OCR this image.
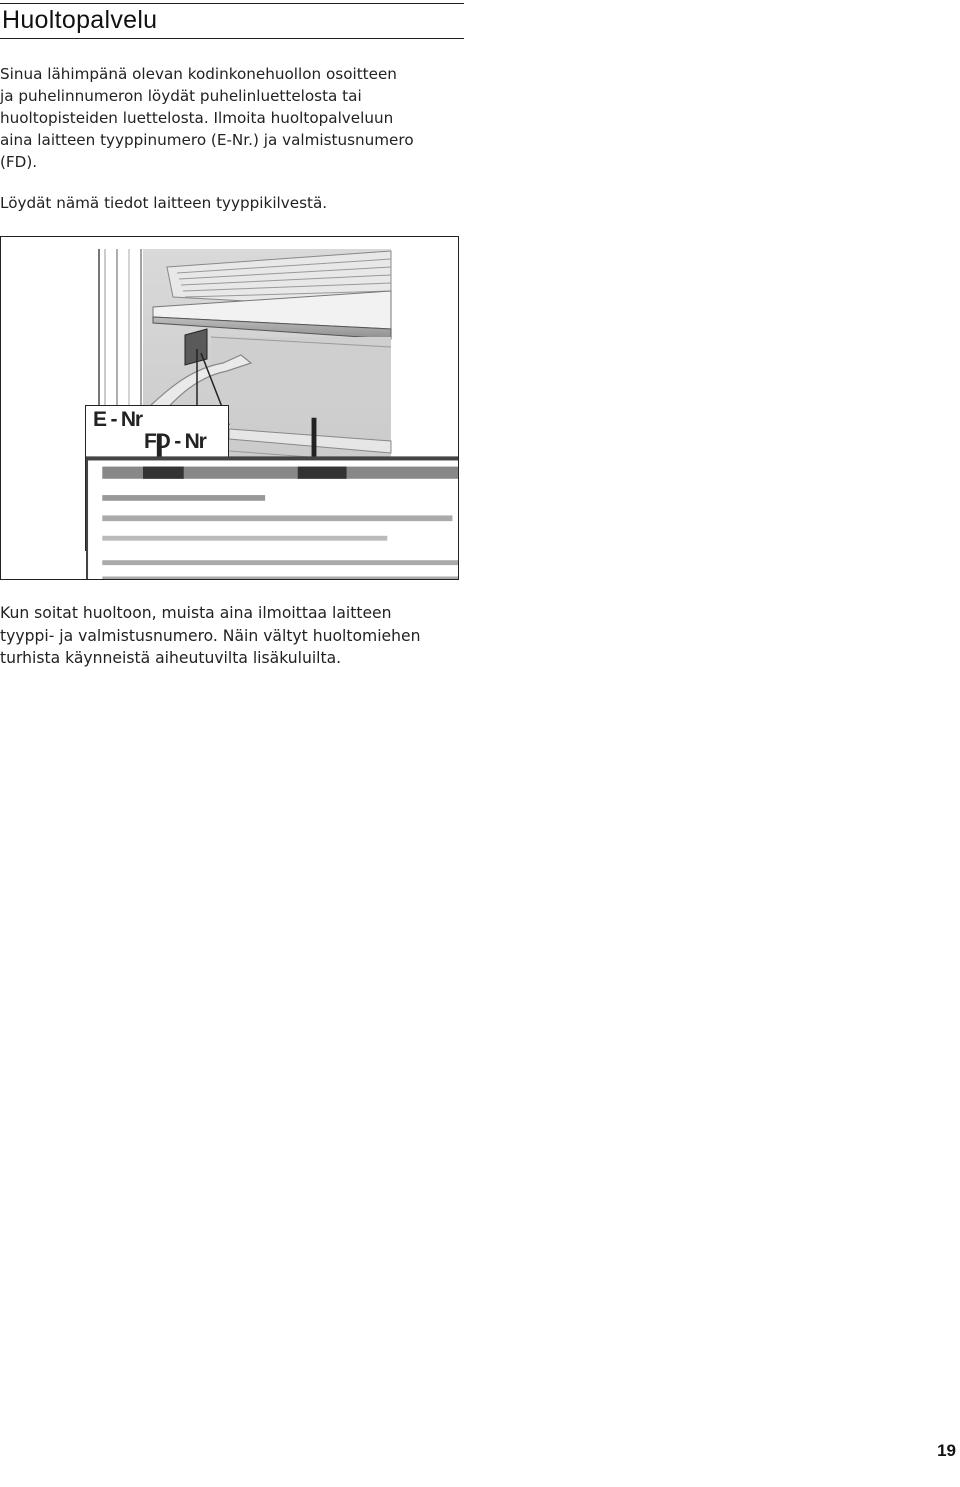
Huoltopalvelu

Sinua lähimpänä olevan kodinkonehuollon osoitteen
ja puhelinnumeron löydät puhelinluettelosta tai
huoltopisteiden luettelosta. Ilmoita huoltopalveluun
aina laitteen tyyppinumero (E-Nr.) ja valmistusnumero
(FD).

Löydät nämä tiedot laitteen tyyppikilvestä.

E - Nr
FD - Nr

Kun soitat huoltoon, muista aina ilmoittaa laitteen
tyyppi- ja valmistusnumero. Näin vältyt huoltomiehen
turhista käynneistä aiheutuvilta lisäkuluilta.

19
